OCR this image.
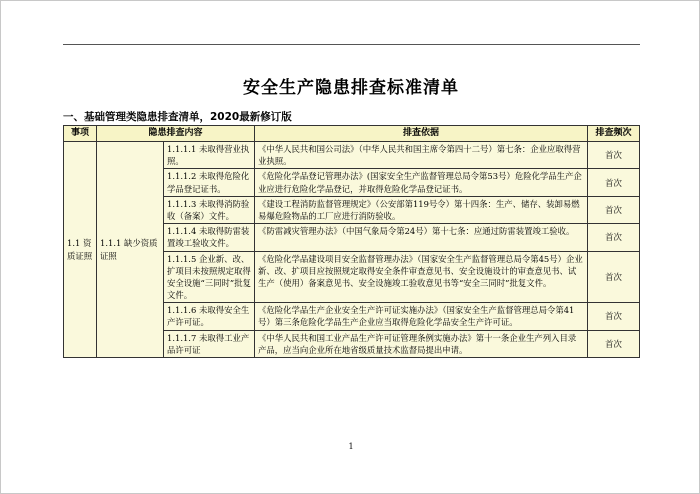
安全生产隐患排查标准清单
一、基础管理类隐患排查清单，2020最新修订版
事项	隐患排查内容		排查依据	排查频次
1.1 资质证照	1.1.1 缺少资质证照	1.1.1.1 未取得营业执照。	《中华人民共和国公司法》（中华人民共和国主席令第四十二号）第七条：企业应取得营业执照。	首次
		1.1.1.2 未取得危险化学品登记证书。	《危险化学品登记管理办法》(国家安全生产监督管理总局令第53号）危险化学品生产企业应进行危险化学品登记，并取得危险化学品登记证书。	首次
		1.1.1.3 未取得消防验收（备案）文件。	《建设工程消防监督管理规定》（公安部第119号令）第十四条：生产、储存、装卸易燃易爆危险物品的工厂应进行消防验收。	首次
		1.1.1.4 未取得防雷装置竣工验收文件。	《防雷减灾管理办法》（中国气象局令第24号）第十七条：应通过防雷装置竣工验收。	首次
		1.1.1.5 企业新、改、扩项目未按照规定取得安全设施“三同时”批复文件。	《危险化学品建设项目安全监督管理办法》（国家安全生产监督管理总局令第45号）企业新、改、扩项目应按照规定取得安全条件审查意见书、安全设施设计的审查意见书、试生产（使用）备案意见书、安全设施竣工验收意见书等“安全三同时”批复文件。	首次
		1.1.1.6 未取得安全生产许可证。	《危险化学品生产企业安全生产许可证实施办法》（国家安全生产监督管理总局令第41号）第三条危险化学品生产企业应当取得危险化学品安全生产许可证。	首次
		1.1.1.7 未取得工业产品许可证	《中华人民共和国工业产品生产许可证管理条例实施办法》第十一条企业生产列入目录产品，应当向企业所在地省级质量技术监督局提出申请。	首次
1
